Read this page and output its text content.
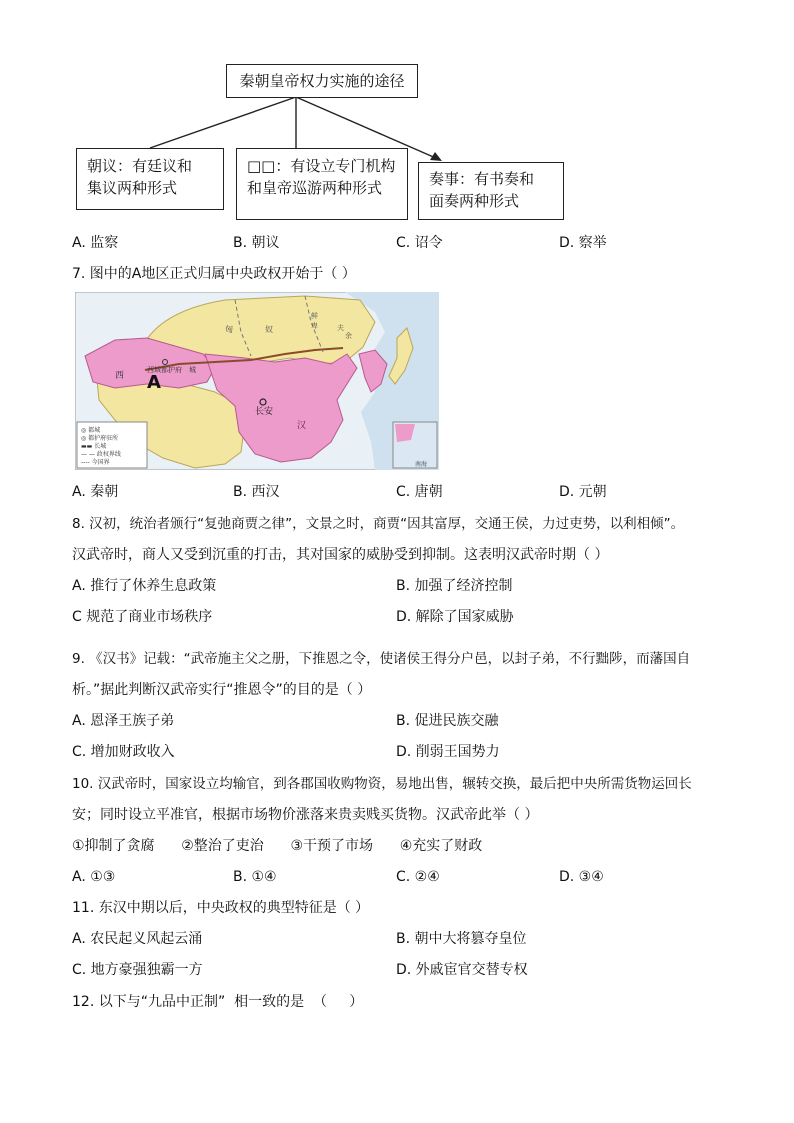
秦朝皇帝权力实施的途径
朝议：有廷议和
集议两种形式
□□：有设立专门机构
和皇帝巡游两种形式	奏事：有书奏和
面奏两种形式
A. 监察	B. 朝议	C. 诏令	D. 察举
7. 图中的A地区正式归属中央政权开始于（ ）
◎ 都城
◎ 都护府驻所
▬▬ 长城
— — 政权界线
---- 今国界
A
西
西域都护府 城
长安
汉
匈	奴
鲜
卑	夫
余
南海
A. 秦朝	B. 西汉	C. 唐朝	D. 元朝
8. 汉初，统治者颁行“复弛商贾之律”，文景之时，商贾“因其富厚，交通王侯，力过吏势，以利相倾”。
汉武帝时，商人又受到沉重的打击，其对国家的威胁受到抑制。这表明汉武帝时期（ ）
A. 推行了休养生息政策	B. 加强了经济控制
C 规范了商业市场秩序	D. 解除了国家威胁
9. 《汉书》记载：“武帝施主父之册，下推恩之令，使诸侯王得分户邑，以封子弟，不行黜陟，而藩国自
析。”据此判断汉武帝实行“推恩令”的目的是（ ）
A. 恩泽王族子弟	B. 促进民族交融
C. 增加财政收入	D. 削弱王国势力
10. 汉武帝时，国家设立均输官，到各郡国收购物资，易地出售，辗转交换，最后把中央所需货物运回长
安；同时设立平准官，根据市场物价涨落来贵卖贱买货物。汉武帝此举（ ）
①抑制了贪腐      ②整治了吏治      ③干预了市场      ④充实了财政
A. ①③	B. ①④	C. ②④	D. ③④
11. 东汉中期以后，中央政权的典型特征是（ ）
A. 农民起义风起云涌	B. 朝中大将篡夺皇位
C. 地方豪强独霸一方	D. 外戚宦官交替专权
12. 以下与“九品中正制”  相一致的是  （     ）
